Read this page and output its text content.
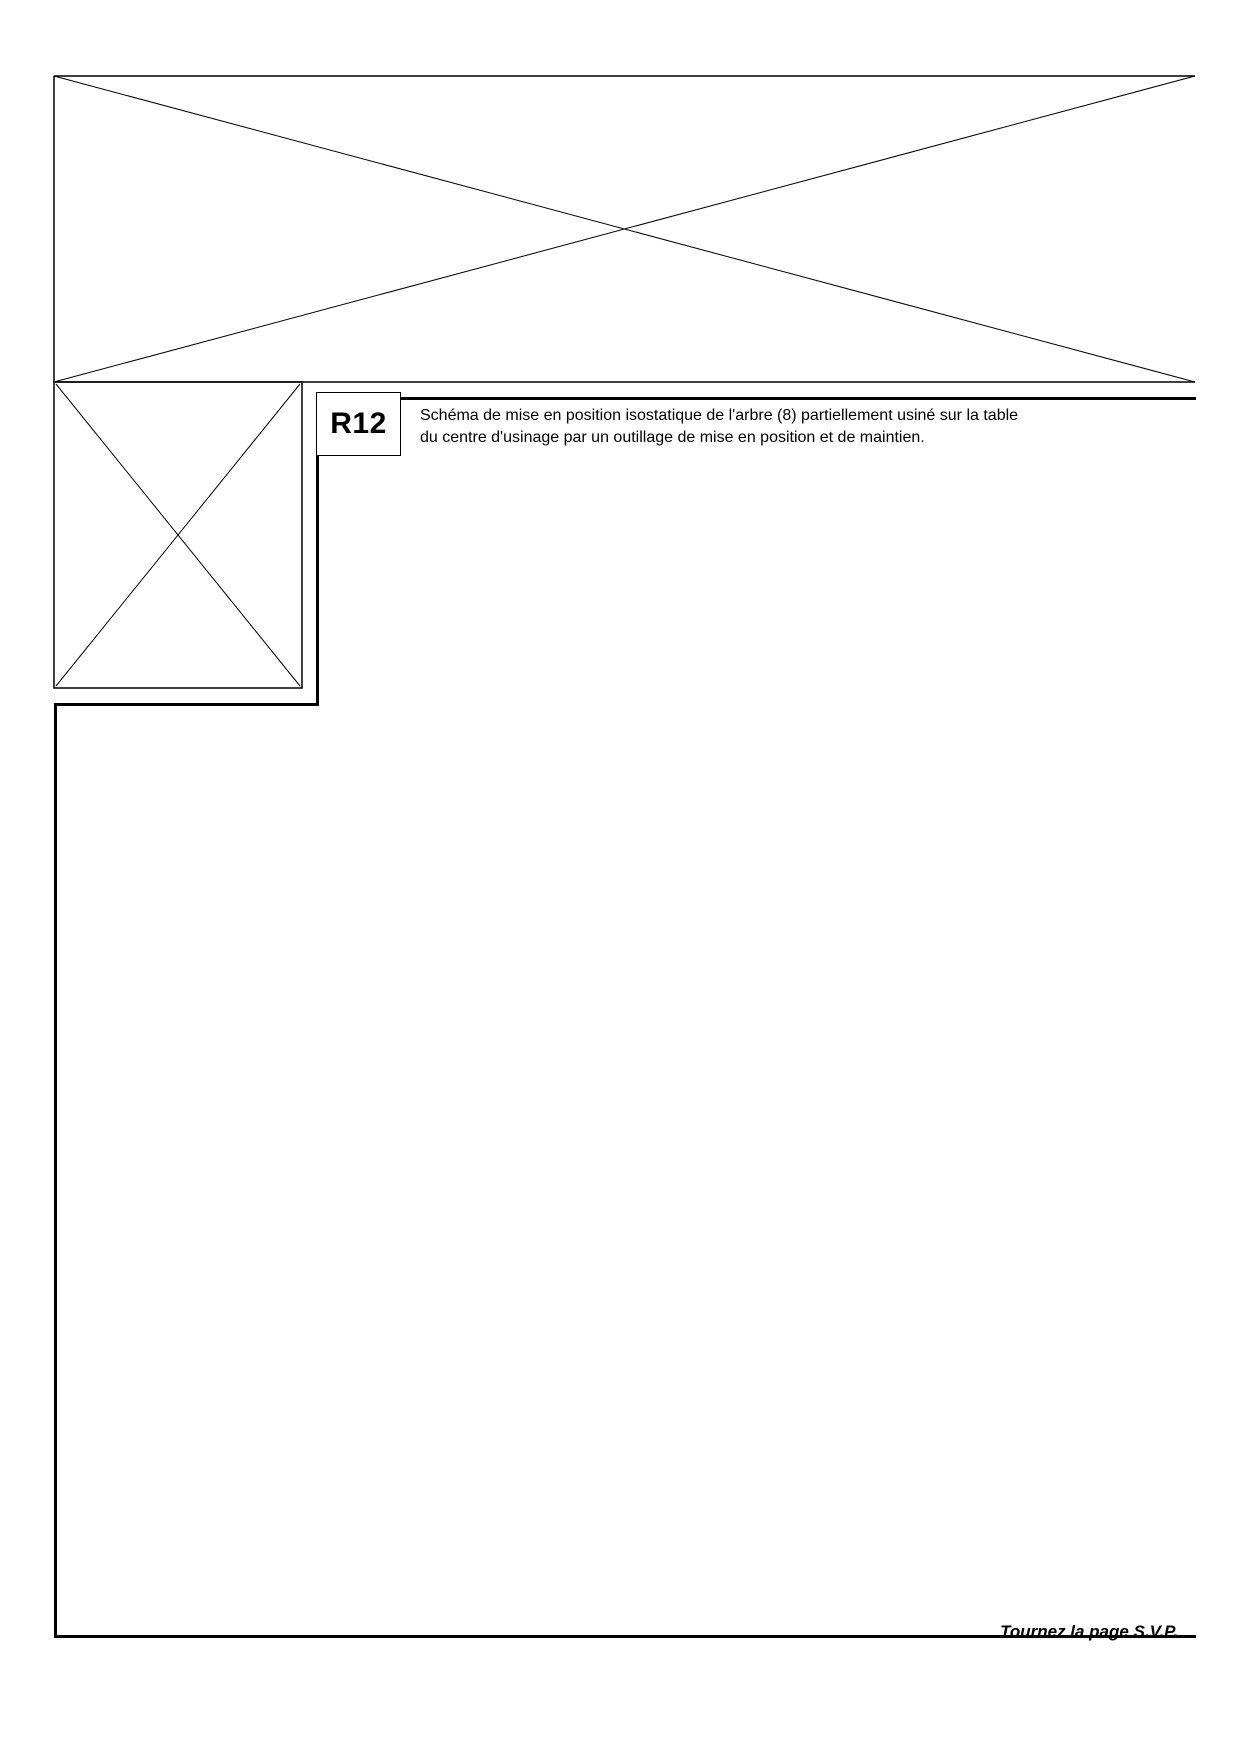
R12 Schéma de mise en position isostatique de l'arbre (8) partiellement usiné sur la table
du centre d'usinage par un outillage de mise en position et de maintien.
Tournez la page S.V.P.
